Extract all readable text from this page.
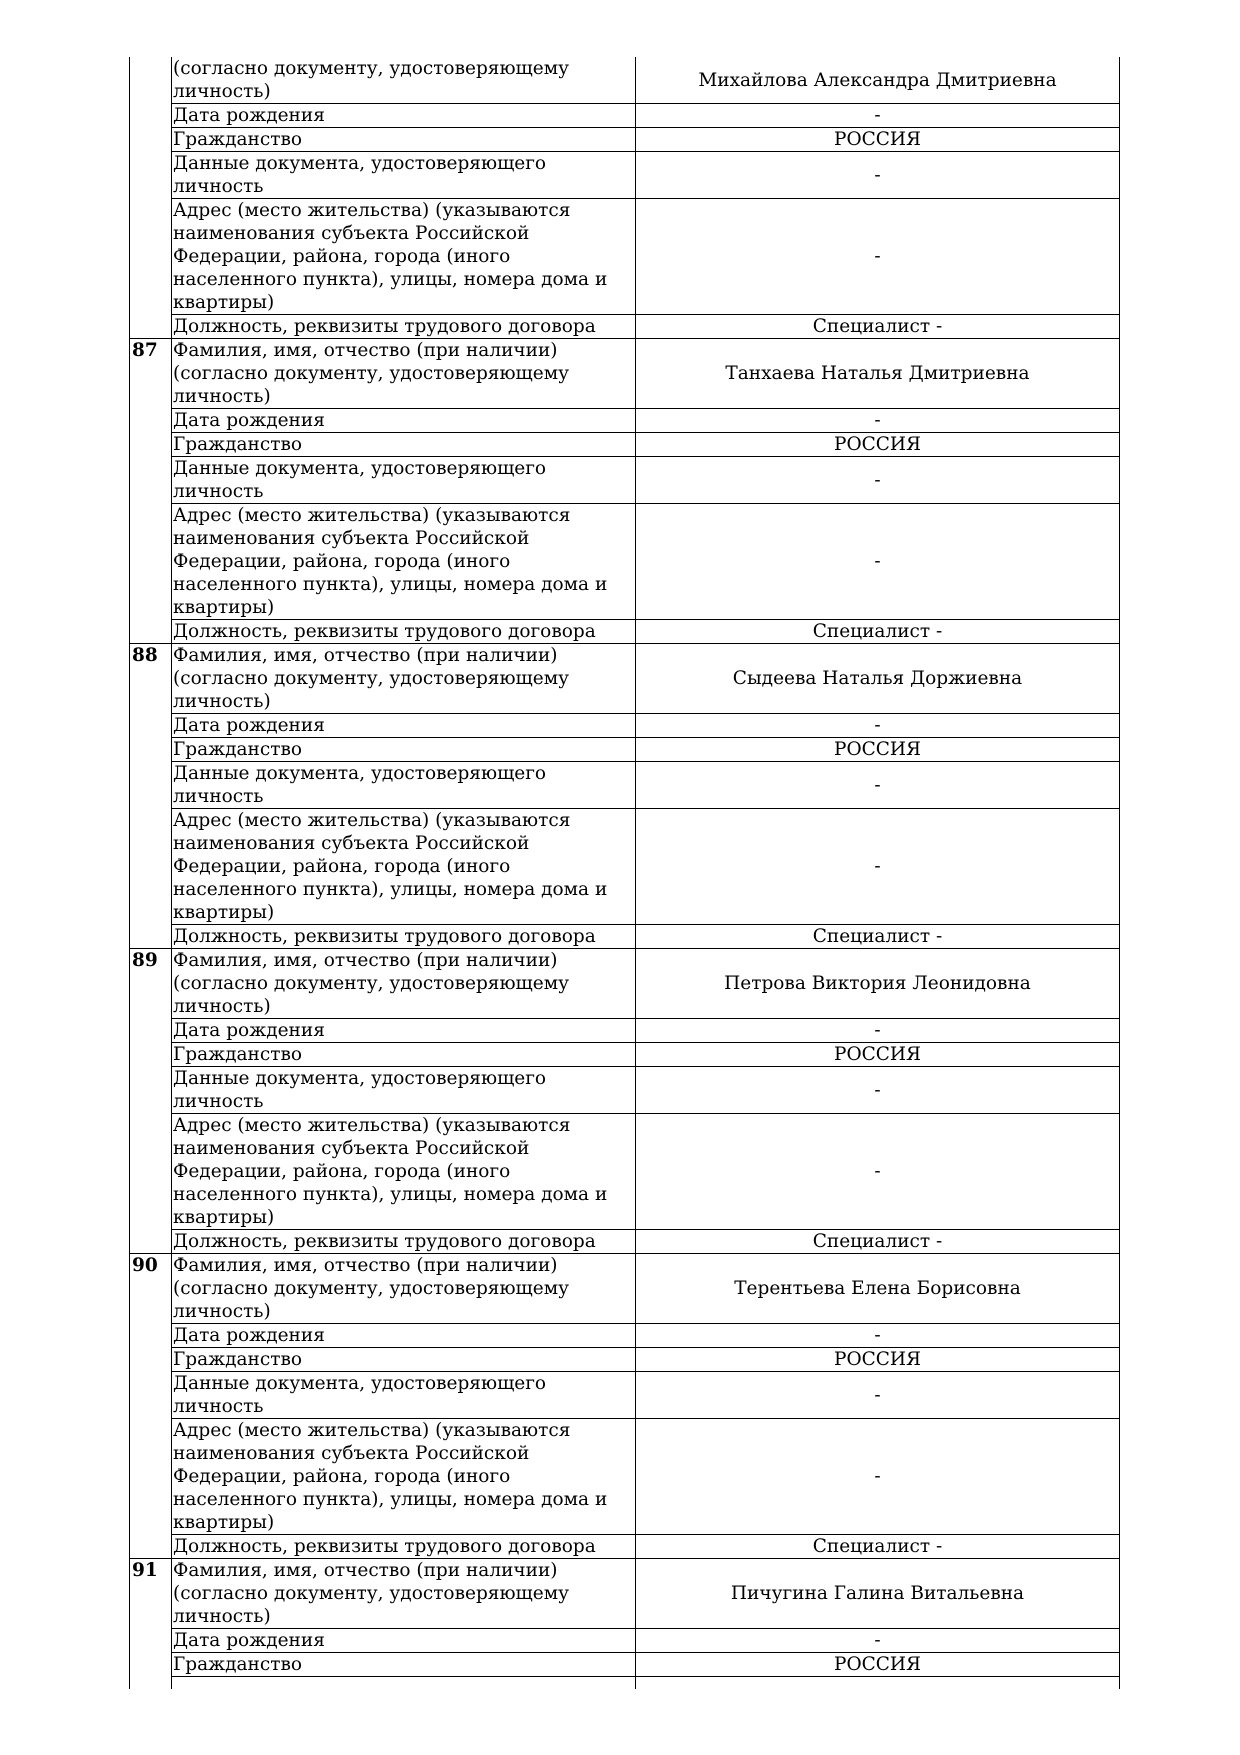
	(согласно документу, удостоверяющему личность)	Михайлова Александра Дмитриевна
	Дата рождения	-
	Гражданство	РОССИЯ
	Данные документа, удостоверяющего личность	-
	Адрес (место жительства) (указываются наименования субъекта Российской Федерации, района, города (иного населенного пункта), улицы, номера дома и квартиры)	-
	Должность, реквизиты трудового договора	Специалист -
87	Фамилия, имя, отчество (при наличии) (согласно документу, удостоверяющему личность)	Танхаева Наталья Дмитриевна
	Дата рождения	-
	Гражданство	РОССИЯ
	Данные документа, удостоверяющего личность	-
	Адрес (место жительства) (указываются наименования субъекта Российской Федерации, района, города (иного населенного пункта), улицы, номера дома и квартиры)	-
	Должность, реквизиты трудового договора	Специалист -
88	Фамилия, имя, отчество (при наличии) (согласно документу, удостоверяющему личность)	Сыдеева Наталья Доржиевна
	Дата рождения	-
	Гражданство	РОССИЯ
	Данные документа, удостоверяющего личность	-
	Адрес (место жительства) (указываются наименования субъекта Российской Федерации, района, города (иного населенного пункта), улицы, номера дома и квартиры)	-
	Должность, реквизиты трудового договора	Специалист -
89	Фамилия, имя, отчество (при наличии) (согласно документу, удостоверяющему личность)	Петрова Виктория Леонидовна
	Дата рождения	-
	Гражданство	РОССИЯ
	Данные документа, удостоверяющего личность	-
	Адрес (место жительства) (указываются наименования субъекта Российской Федерации, района, города (иного населенного пункта), улицы, номера дома и квартиры)	-
	Должность, реквизиты трудового договора	Специалист -
90	Фамилия, имя, отчество (при наличии) (согласно документу, удостоверяющему личность)	Терентьева Елена Борисовна
	Дата рождения	-
	Гражданство	РОССИЯ
	Данные документа, удостоверяющего личность	-
	Адрес (место жительства) (указываются наименования субъекта Российской Федерации, района, города (иного населенного пункта), улицы, номера дома и квартиры)	-
	Должность, реквизиты трудового договора	Специалист -
91	Фамилия, имя, отчество (при наличии) (согласно документу, удостоверяющему личность)	Пичугина Галина Витальевна
	Дата рождения	-
	Гражданство	РОССИЯ
